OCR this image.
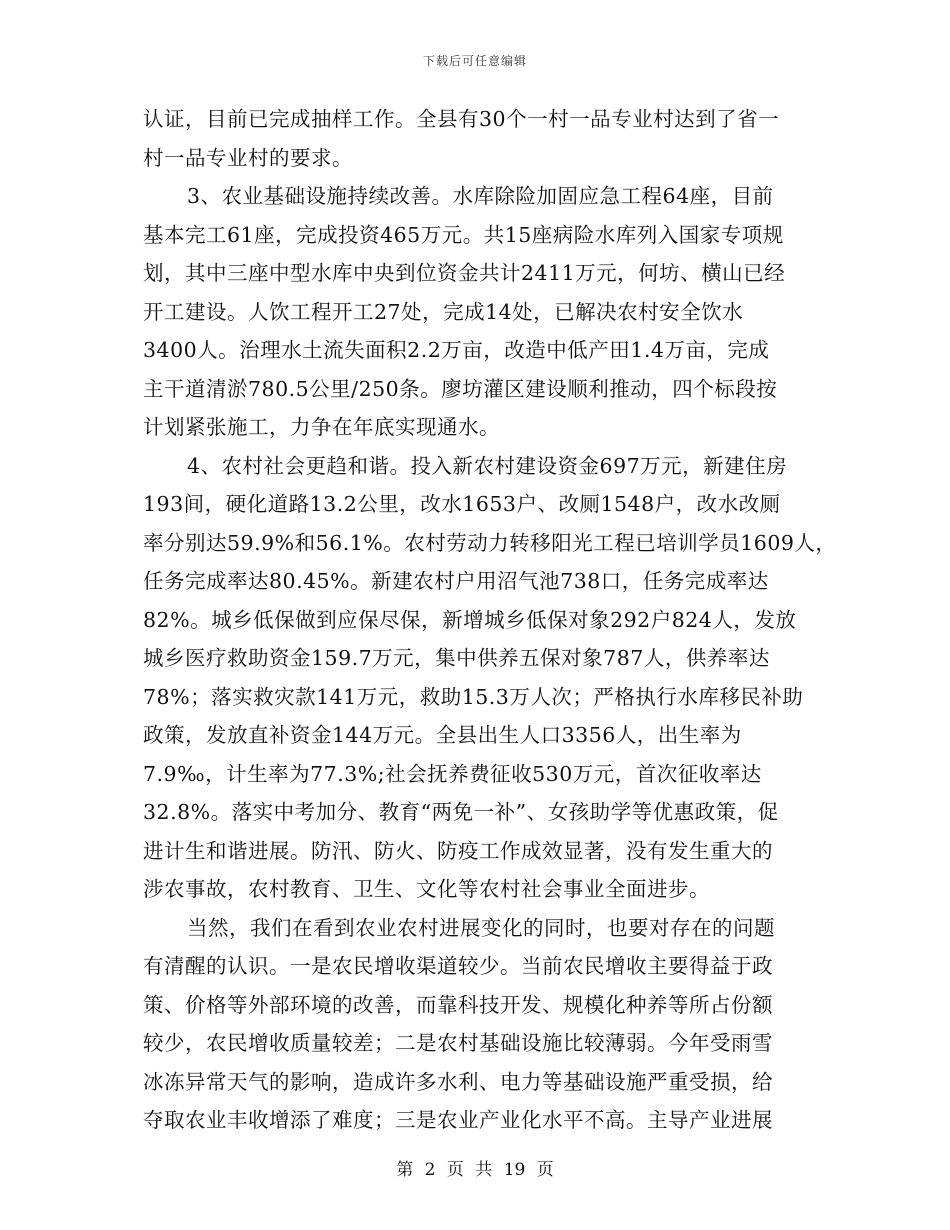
下载后可任意编辑
认证，目前已完成抽样工作。全县有30个一村一品专业村达到了省一
村一品专业村的要求。
3、农业基础设施持续改善。水库除险加固应急工程64座，目前
基本完工61座，完成投资465万元。共15座病险水库列入国家专项规
划，其中三座中型水库中央到位资金共计2411万元，何坊、横山已经
开工建设。人饮工程开工27处，完成14处，已解决农村安全饮水
3400人。治理水土流失面积2.2万亩，改造中低产田1.4万亩，完成
主干道清淤780.5公里/250条。廖坊灌区建设顺利推动，四个标段按
计划紧张施工，力争在年底实现通水。
4、农村社会更趋和谐。投入新农村建设资金697万元，新建住房
193间，硬化道路13.2公里，改水1653户、改厕1548户，改水改厕
率分别达59.9%和56.1%。农村劳动力转移阳光工程已培训学员1609人，
任务完成率达80.45%。新建农村户用沼气池738口，任务完成率达
82%。城乡低保做到应保尽保，新增城乡低保对象292户824人，发放
城乡医疗救助资金159.7万元，集中供养五保对象787人，供养率达
78%；落实救灾款141万元，救助15.3万人次；严格执行水库移民补助
政策，发放直补资金144万元。全县出生人口3356人，出生率为
7.9‰，计生率为77.3%;社会抚养费征收530万元，首次征收率达
32.8%。落实中考加分、教育“两免一补”、女孩助学等优惠政策，促
进计生和谐进展。防汛、防火、防疫工作成效显著，没有发生重大的
涉农事故，农村教育、卫生、文化等农村社会事业全面进步。
当然，我们在看到农业农村进展变化的同时，也要对存在的问题
有清醒的认识。一是农民增收渠道较少。当前农民增收主要得益于政
策、价格等外部环境的改善，而靠科技开发、规模化种养等所占份额
较少，农民增收质量较差；二是农村基础设施比较薄弱。今年受雨雪
冰冻异常天气的影响，造成许多水利、电力等基础设施严重受损，给
夺取农业丰收增添了难度；三是农业产业化水平不高。主导产业进展
第 2 页 共 19 页
